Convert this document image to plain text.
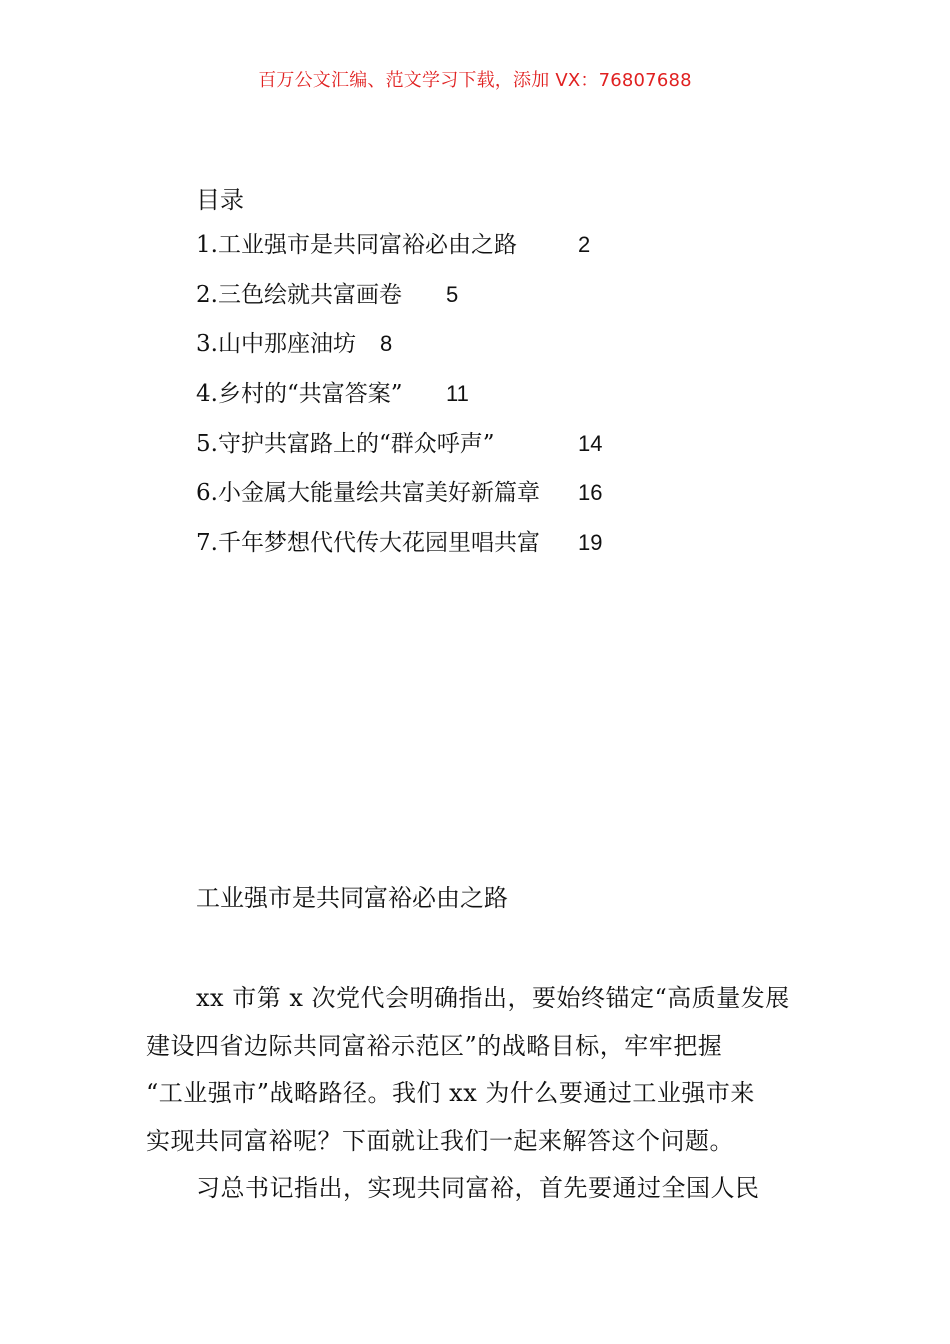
百万公文汇编、范文学习下载，添加 VX：76807688
目录
1.工业强市是共同富裕必由之路	2
2.三色绘就共富画卷	5
3.山中那座油坊	8
4.乡村的“共富答案”	11
5.守护共富路上的“群众呼声”	14
6.小金属大能量绘共富美好新篇章	16
7.千年梦想代代传大花园里唱共富	19
工业强市是共同富裕必由之路

xx 市第 x 次党代会明确指出，要始终锚定“高质量发展
建设四省边际共同富裕示范区”的战略目标，牢牢把握
“工业强市”战略路径。我们 xx 为什么要通过工业强市来
实现共同富裕呢？下面就让我们一起来解答这个问题。

习总书记指出，实现共同富裕，首先要通过全国人民
